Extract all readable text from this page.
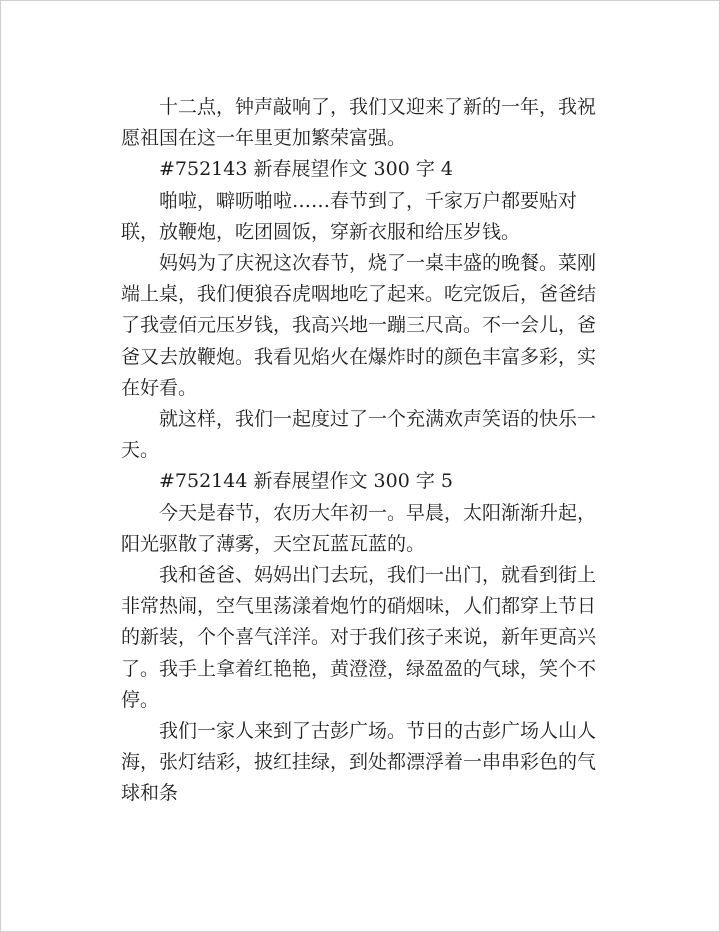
十二点，钟声敲响了，我们又迎来了新的一年，我祝愿祖国在这一年里更加繁荣富强。

#752143 新春展望作文 300 字 4

啪啦，噼呖啪啦……春节到了，千家万户都要贴对联，放鞭炮，吃团圆饭，穿新衣服和给压岁钱。

妈妈为了庆祝这次春节，烧了一桌丰盛的晚餐。菜刚端上桌，我们便狼吞虎咽地吃了起来。吃完饭后，爸爸结了我壹佰元压岁钱，我高兴地一蹦三尺高。不一会儿，爸爸又去放鞭炮。我看见焰火在爆炸时的颜色丰富多彩，实在好看。

就这样，我们一起度过了一个充满欢声笑语的快乐一天。

#752144 新春展望作文 300 字 5

今天是春节，农历大年初一。早晨，太阳渐渐升起，阳光驱散了薄雾，天空瓦蓝瓦蓝的。

我和爸爸、妈妈出门去玩，我们一出门，就看到街上非常热闹，空气里荡漾着炮竹的硝烟味，人们都穿上节日的新装，个个喜气洋洋。对于我们孩子来说，新年更高兴了。我手上拿着红艳艳，黄澄澄，绿盈盈的气球，笑个不停。

我们一家人来到了古彭广场。节日的古彭广场人山人海，张灯结彩，披红挂绿，到处都漂浮着一串串彩色的气球和条
